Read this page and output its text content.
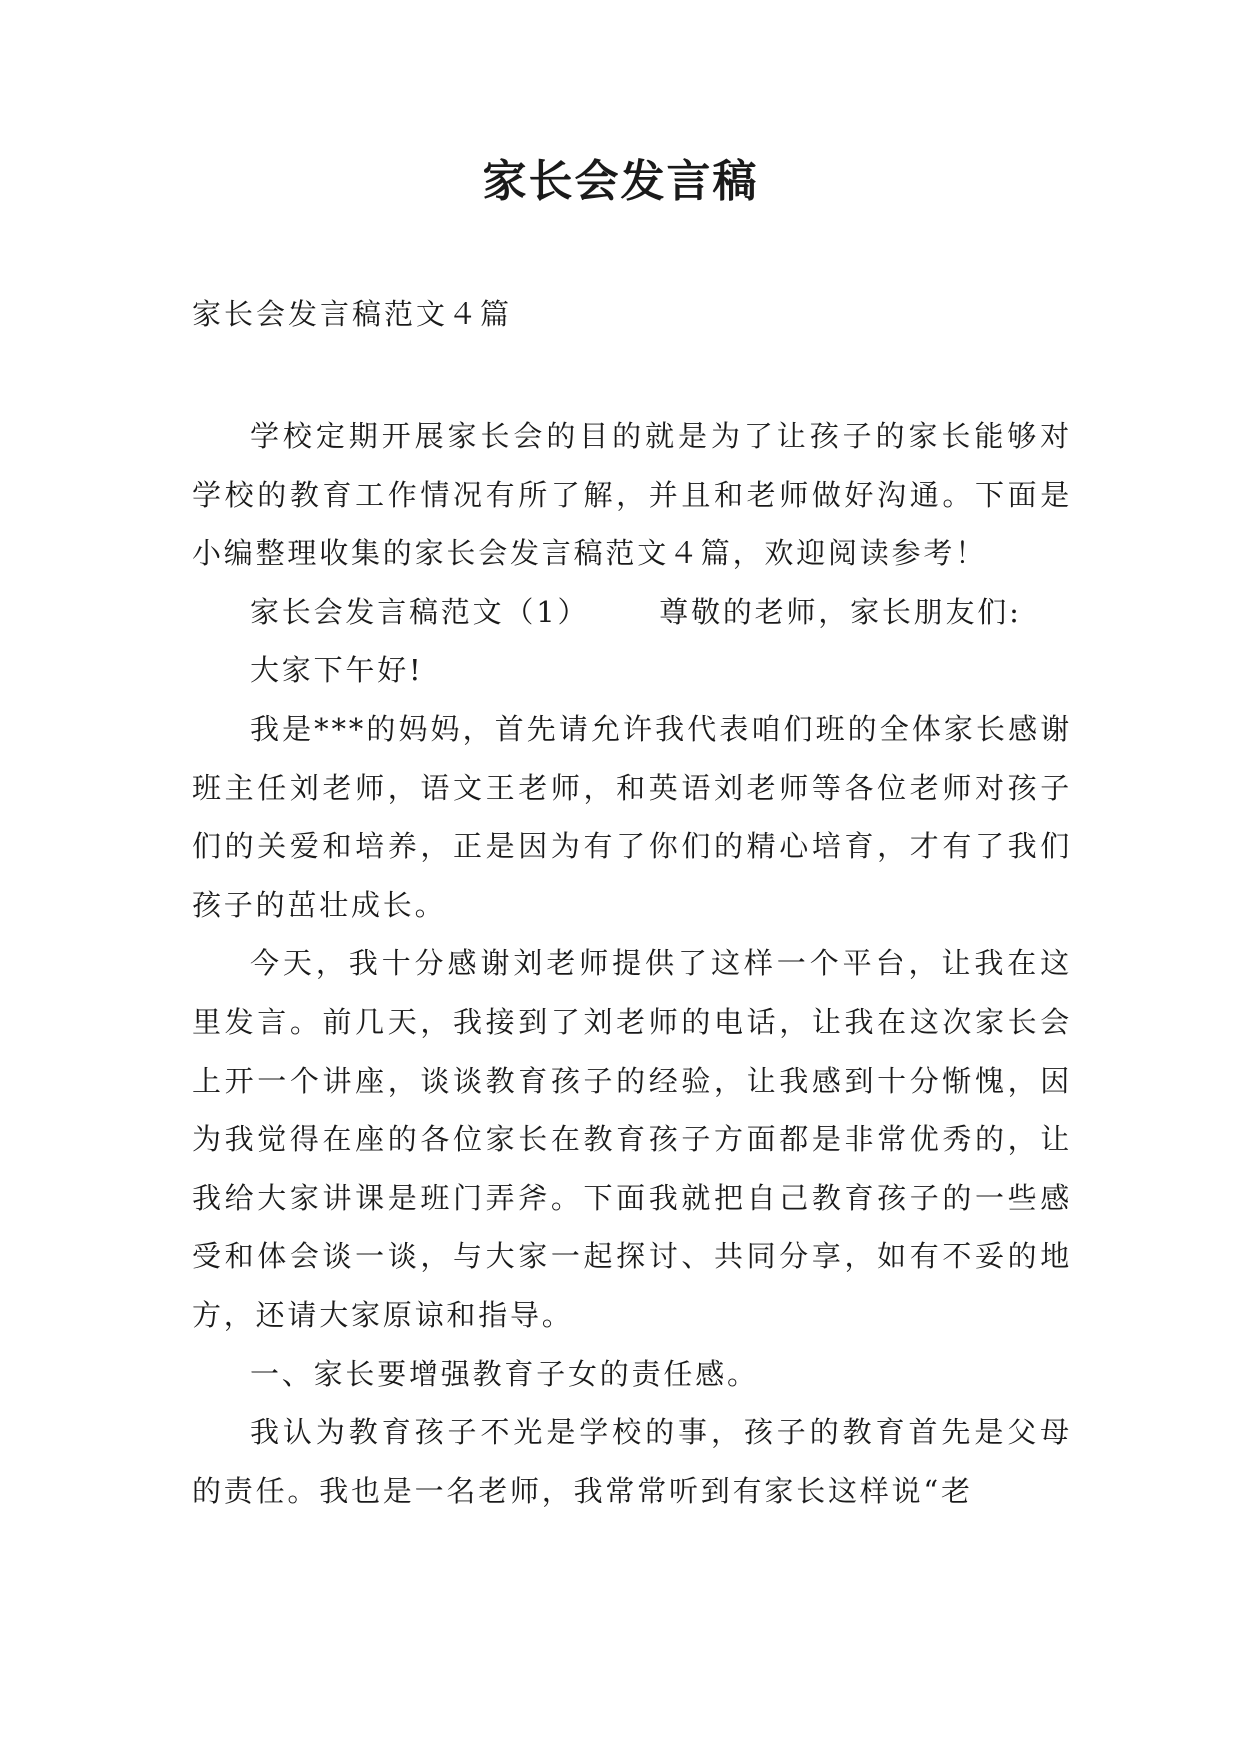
家长会发言稿
家长会发言稿范文４篇

学校定期开展家长会的目的就是为了让孩子的家长能够对学校的教育工作情况有所了解，并且和老师做好沟通。下面是小编整理收集的家长会发言稿范文４篇，欢迎阅读参考！

家长会发言稿范文（1） 尊敬的老师，家长朋友们:

大家下午好!

我是***的妈妈，首先请允许我代表咱们班的全体家长感谢班主任刘老师，语文王老师，和英语刘老师等各位老师对孩子们的关爱和培养，正是因为有了你们的精心培育，才有了我们孩子的茁壮成长。

今天，我十分感谢刘老师提供了这样一个平台，让我在这里发言。前几天，我接到了刘老师的电话，让我在这次家长会上开一个讲座，谈谈教育孩子的经验，让我感到十分惭愧，因为我觉得在座的各位家长在教育孩子方面都是非常优秀的，让我给大家讲课是班门弄斧。下面我就把自己教育孩子的一些感受和体会谈一谈，与大家一起探讨、共同分享，如有不妥的地方，还请大家原谅和指导。

一、家长要增强教育子女的责任感。

我认为教育孩子不光是学校的事，孩子的教育首先是父母的责任。我也是一名老师，我常常听到有家长这样说“老
